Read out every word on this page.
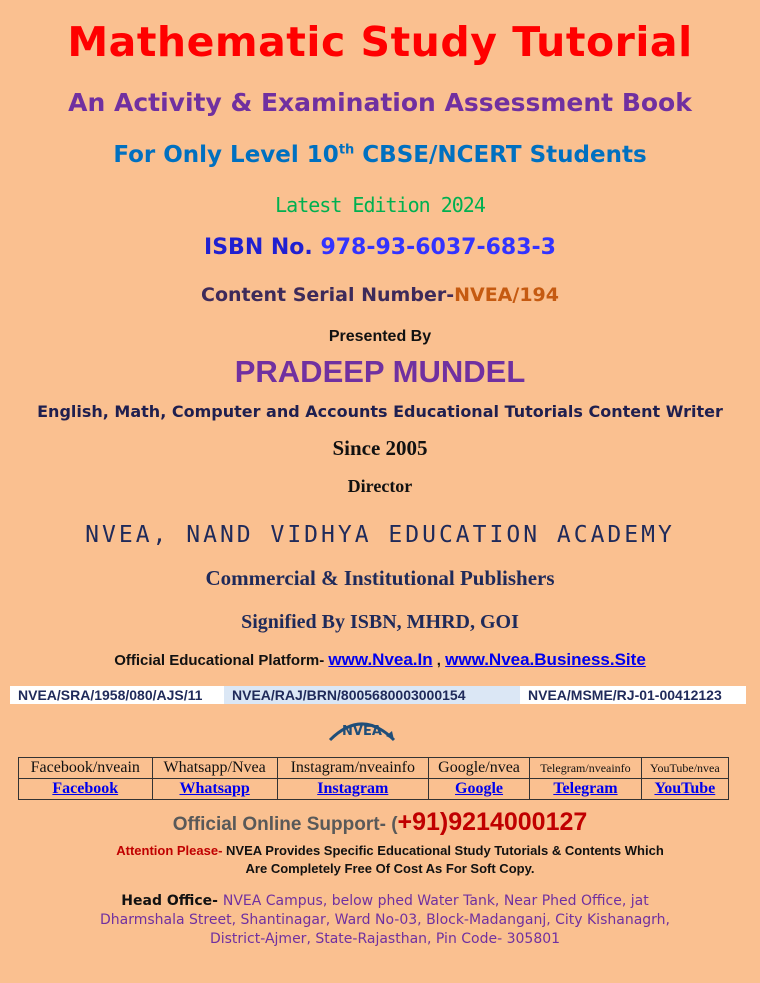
Mathematic Study Tutorial
An Activity & Examination Assessment Book
For Only Level 10th CBSE/NCERT Students
Latest Edition 2024
ISBN No. 978-93-6037-683-3
Content Serial Number-NVEA/194
Presented By
PRADEEP MUNDEL
English, Math, Computer and Accounts Educational Tutorials Content Writer
Since 2005
Director
NVEA, NAND VIDHYA EDUCATION ACADEMY
Commercial & Institutional Publishers
Signified By ISBN, MHRD, GOI
Official Educational Platform- www.Nvea.In , www.Nvea.Business.Site
NVEA/SRA/1958/080/AJS/11	NVEA/RAJ/BRN/8005680003000154	NVEA/MSME/RJ-01-00412123
NVEA
Facebook/nveain	Whatsapp/Nvea	Instagram/nveainfo	Google/nvea	Telegram/nveainfo	YouTube/nvea
Facebook	Whatsapp	Instagram	Google	Telegram	YouTube
Official Online Support- (+91)9214000127
Attention Please- NVEA Provides Specific Educational Study Tutorials & Contents Which Are Completely Free Of Cost As For Soft Copy.
Head Office- NVEA Campus, below phed Water Tank, Near Phed Office, jat Dharmshala Street, Shantinagar, Ward No-03, Block-Madanganj, City Kishanagrh, District-Ajmer, State-Rajasthan, Pin Code- 305801
